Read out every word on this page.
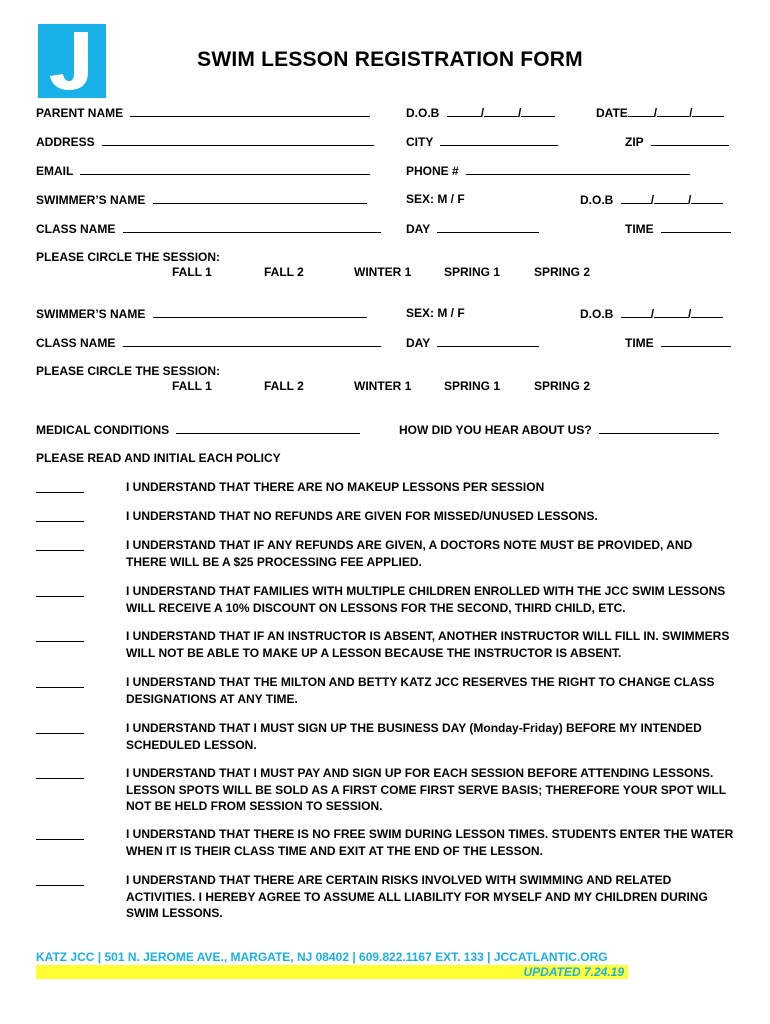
SWIM LESSON REGISTRATION FORM
PARENT NAME	D.O.B	/	/	DATE /	/
ADDRESS	CITY	ZIP
EMAIL	PHONE #
SWIMMER’S NAME	SEX: M / F	D.O.B	/	/
CLASS NAME	DAY	TIME
PLEASE CIRCLE THE SESSION:
FALL 1	FALL 2	WINTER 1	SPRING 1	SPRING 2
SWIMMER’S NAME	SEX: M / F	D.O.B	/	/
CLASS NAME	DAY	TIME
PLEASE CIRCLE THE SESSION:
FALL 1	FALL 2	WINTER 1	SPRING 1	SPRING 2
MEDICAL CONDITIONS	HOW DID YOU HEAR ABOUT US?
PLEASE READ AND INITIAL EACH POLICY
I UNDERSTAND THAT THERE ARE NO MAKEUP LESSONS PER SESSION
I UNDERSTAND THAT NO REFUNDS ARE GIVEN FOR MISSED/UNUSED LESSONS.
I UNDERSTAND THAT IF ANY REFUNDS ARE GIVEN, A DOCTORS NOTE MUST BE PROVIDED, AND THERE WILL BE A $25 PROCESSING FEE APPLIED.
I UNDERSTAND THAT FAMILIES WITH MULTIPLE CHILDREN ENROLLED WITH THE JCC SWIM LESSONS WILL RECEIVE A 10% DISCOUNT ON LESSONS FOR THE SECOND, THIRD CHILD, ETC.
I UNDERSTAND THAT IF AN INSTRUCTOR IS ABSENT, ANOTHER INSTRUCTOR WILL FILL IN. SWIMMERS WILL NOT BE ABLE TO MAKE UP A LESSON BECAUSE THE INSTRUCTOR IS ABSENT.
I UNDERSTAND THAT THE MILTON AND BETTY KATZ JCC RESERVES THE RIGHT TO CHANGE CLASS DESIGNATIONS AT ANY TIME.
I UNDERSTAND THAT I MUST SIGN UP THE BUSINESS DAY (Monday-Friday) BEFORE MY INTENDED SCHEDULED LESSON.
I UNDERSTAND THAT I MUST PAY AND SIGN UP FOR EACH SESSION BEFORE ATTENDING LESSONS. LESSON SPOTS WILL BE SOLD AS A FIRST COME FIRST SERVE BASIS; THEREFORE YOUR SPOT WILL NOT BE HELD FROM SESSION TO SESSION.
I UNDERSTAND THAT THERE IS NO FREE SWIM DURING LESSON TIMES. STUDENTS ENTER THE WATER WHEN IT IS THEIR CLASS TIME AND EXIT AT THE END OF THE LESSON.
I UNDERSTAND THAT THERE ARE CERTAIN RISKS INVOLVED WITH SWIMMING AND RELATED ACTIVITIES. I HEREBY AGREE TO ASSUME ALL LIABILITY FOR MYSELF AND MY CHILDREN DURING SWIM LESSONS.
KATZ JCC | 501 N. JEROME AVE., MARGATE, NJ 08402 | 609.822.1167 EXT. 133 | JCCATLANTIC.ORG
UPDATED 7.24.19
